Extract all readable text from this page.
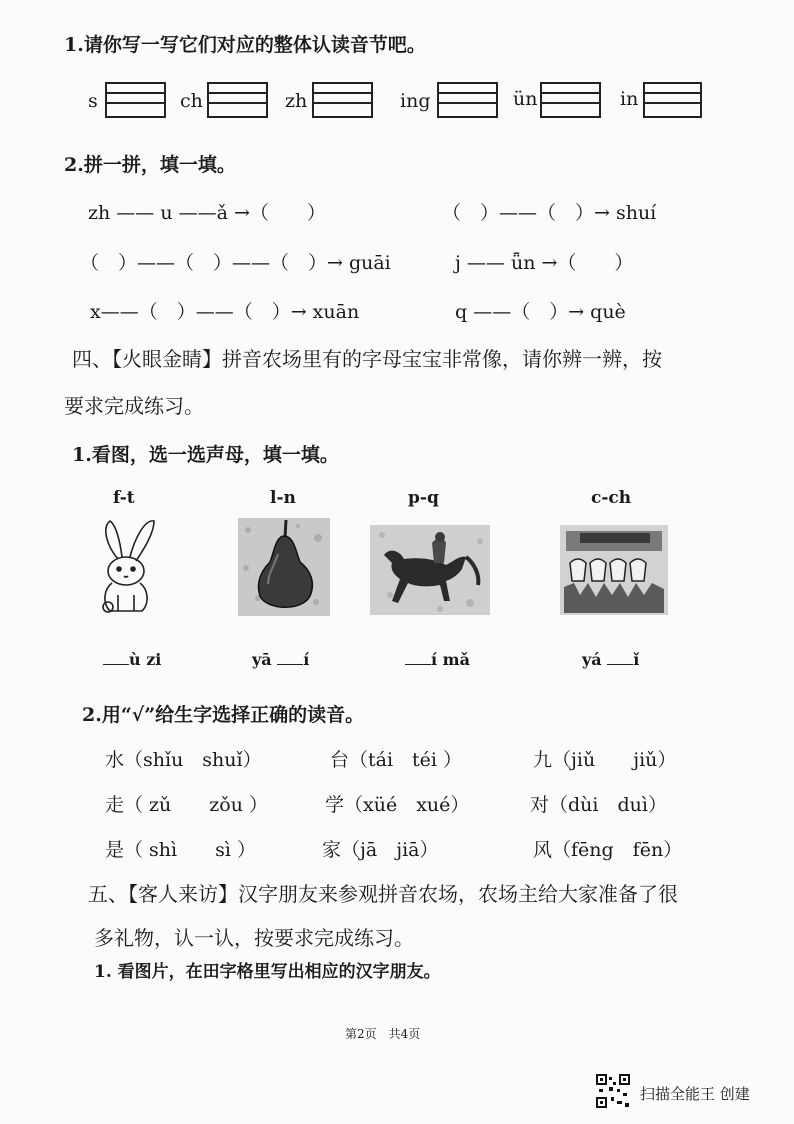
1.请你写一写它们对应的整体认读音节吧。
s	ch	zh	ing	ün	in
2.拼一拼，填一填。
zh —— u ——ǎ →（　　）	（　）——（　）→ shuí
（　）——（　）——（　）→ guāi	j —— ǖn →（　　）
x——（　）——（　）→ xuān	q ——（　）→ què
四、【火眼金睛】拼音农场里有的字母宝宝非常像，请你辨一辨，按
要求完成练习。
1.看图，选一选声母，填一填。
f-t	l-n	p-q	c-ch
ù zi	yā í	í mǎ	yá ǐ
2.用“√”给生字选择正确的读音。
水（shǐu　shuǐ）	台（tái　téi ）	九（jiǔ　　jiǔ）
走（ zǔ　　zǒu ）	学（xüé　xué）	对（dùi　duì）
是（ shì　　sì ）	家（jā　jiā）	风（fēng　fēn）
五、【客人来访】汉字朋友来参观拼音农场，农场主给大家准备了很
多礼物，认一认，按要求完成练习。
1. 看图片，在田字格里写出相应的汉字朋友。
第2页　共4页
扫描全能王 创建
